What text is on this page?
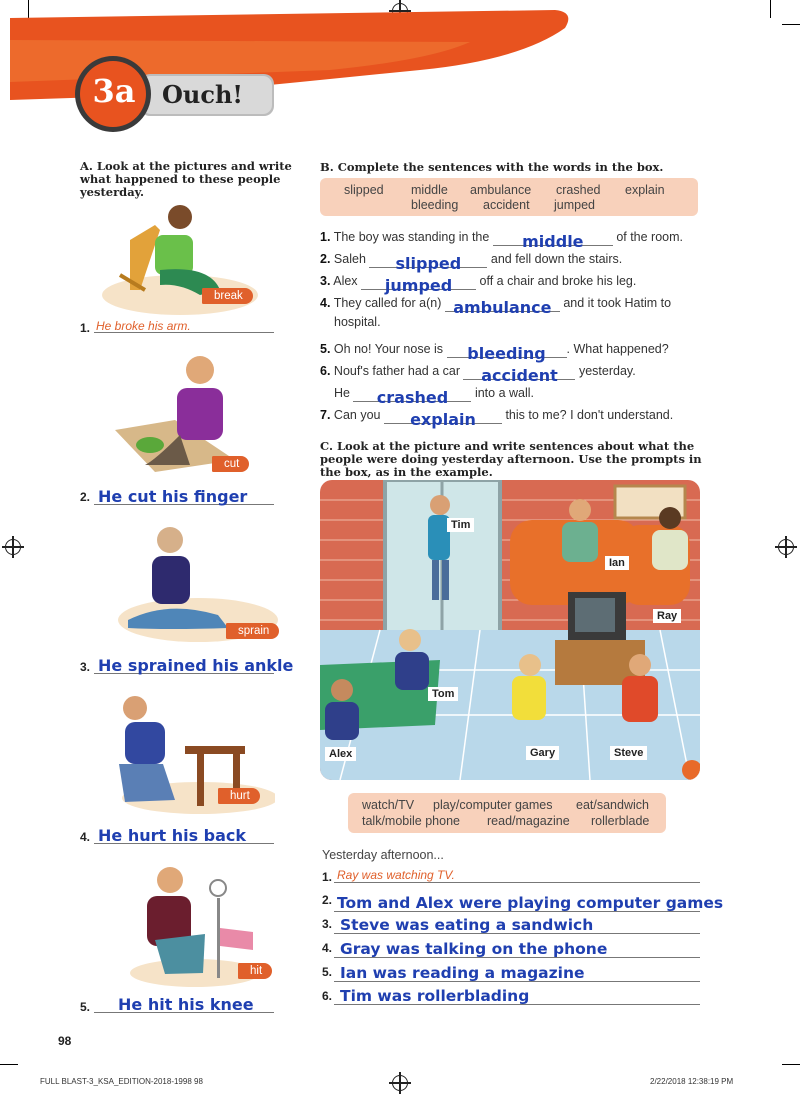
3a Ouch!
A. Look at the pictures and write what happened to these people yesterday.
break
1. He broke his arm.
cut
2. He cut his finger
sprain
3. He sprained his ankle
hurt
4. He hurt his back
hit
5. He hit his knee
B. Complete the sentences with the words in the box.
slipped middle ambulance crashed explain
bleeding accident jumped
1. The boy was standing in the middle	of the room.
2. Saleh slipped and fell down the stairs.
3. Alex jumped off a chair and broke his leg.
4. They called for a(n) ambulance and it took Hatim to
hospital.
5. Oh no! Your nose is bleeding . What happened?
6. Nouf's father had a car accident yesterday.
He crashed into a wall.
7. Can you explain this to me? I don't understand.
C. Look at the picture and write sentences about what the people were doing yesterday afternoon. Use the prompts in the box, as in the example.
Tim
Ian
Ray
Tom
Alex	Gary	Steve
watch/TV play/computer games eat/sandwich
talk/mobile phone read/magazine rollerblade
Yesterday afternoon...
1. Ray was watching TV.
2. Tom and Alex were playing computer games
3. Steve was eating a sandwich
4. Gray was talking on the phone
5. Ian was reading a magazine
6. Tim was rollerblading
98
FULL BLAST-3_KSA_EDITION-2018-1998 98	2/22/2018 12:38:19 PM
